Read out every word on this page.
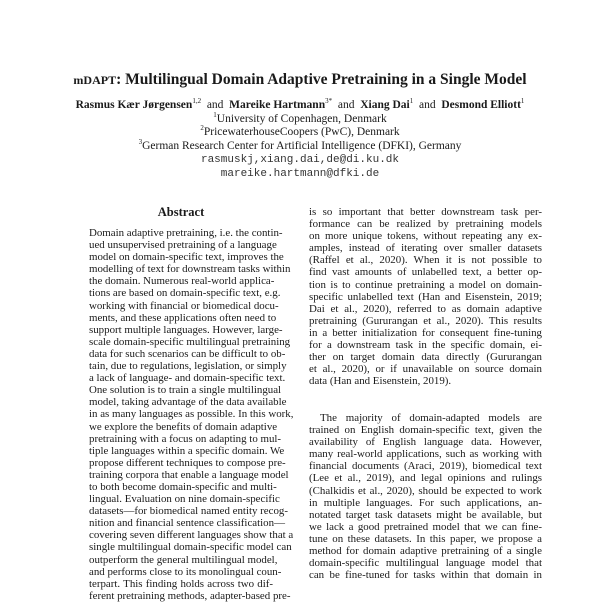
mDAPT: Multilingual Domain Adaptive Pretraining in a Single Model
Rasmus Kær Jørgensen$^{1,2}$ and Mareike Hartmann$^{3*}$ and Xiang Dai$^1$ and Desmond Elliott$^1$
$^1$University of Copenhagen, Denmark
$^2$PricewaterhouseCoopers (PwC), Denmark
$^3$German Research Center for Artificial Intelligence (DFKI), Germany
rasmuskj,xiang.dai,de@di.ku.dk
mareike.hartmann@dfki.de
Abstract
Domain adaptive pretraining, i.e. the contin-
ued unsupervised pretraining of a language
model on domain-specific text, improves the
modelling of text for downstream tasks within
the domain. Numerous real-world applica-
tions are based on domain-specific text, e.g.
working with financial or biomedical docu-
ments, and these applications often need to
support multiple languages. However, large-
scale domain-specific multilingual pretraining
data for such scenarios can be difficult to ob-
tain, due to regulations, legislation, or simply
a lack of language- and domain-specific text.
One solution is to train a single multilingual
model, taking advantage of the data available
in as many languages as possible. In this work,
we explore the benefits of domain adaptive
pretraining with a focus on adapting to mul-
tiple languages within a specific domain. We
propose different techniques to compose pre-
training corpora that enable a language model
to both become domain-specific and multi-
lingual. Evaluation on nine domain-specific
datasets—for biomedical named entity recog-
nition and financial sentence classification—
covering seven different languages show that a
single multilingual domain-specific model can
outperform the general multilingual model,
and performs close to its monolingual coun-
terpart. This finding holds across two dif-
ferent pretraining methods, adapter-based pre-
is so important that better downstream task per-
formance can be realized by pretraining models
on more unique tokens, without repeating any ex-
amples, instead of iterating over smaller datasets
(Raffel et al., 2020). When it is not possible to
find vast amounts of unlabelled text, a better op-
tion is to continue pretraining a model on domain-
specific unlabelled text (Han and Eisenstein, 2019;
Dai et al., 2020), referred to as domain adaptive
pretraining (Gururangan et al., 2020). This results
in a better initialization for consequent fine-tuning
for a downstream task in the specific domain, ei-
ther on target domain data directly (Gururangan
et al., 2020), or if unavailable on source domain
data (Han and Eisenstein, 2019).
The majority of domain-adapted models are
trained on English domain-specific text, given the
availability of English language data. However,
many real-world applications, such as working with
financial documents (Araci, 2019), biomedical text
(Lee et al., 2019), and legal opinions and rulings
(Chalkidis et al., 2020), should be expected to work
in multiple languages. For such applications, an-
notated target task datasets might be available, but
we lack a good pretrained model that we can fine-
tune on these datasets. In this paper, we propose a
method for domain adaptive pretraining of a single
domain-specific multilingual language model that
can be fine-tuned for tasks within that domain in
